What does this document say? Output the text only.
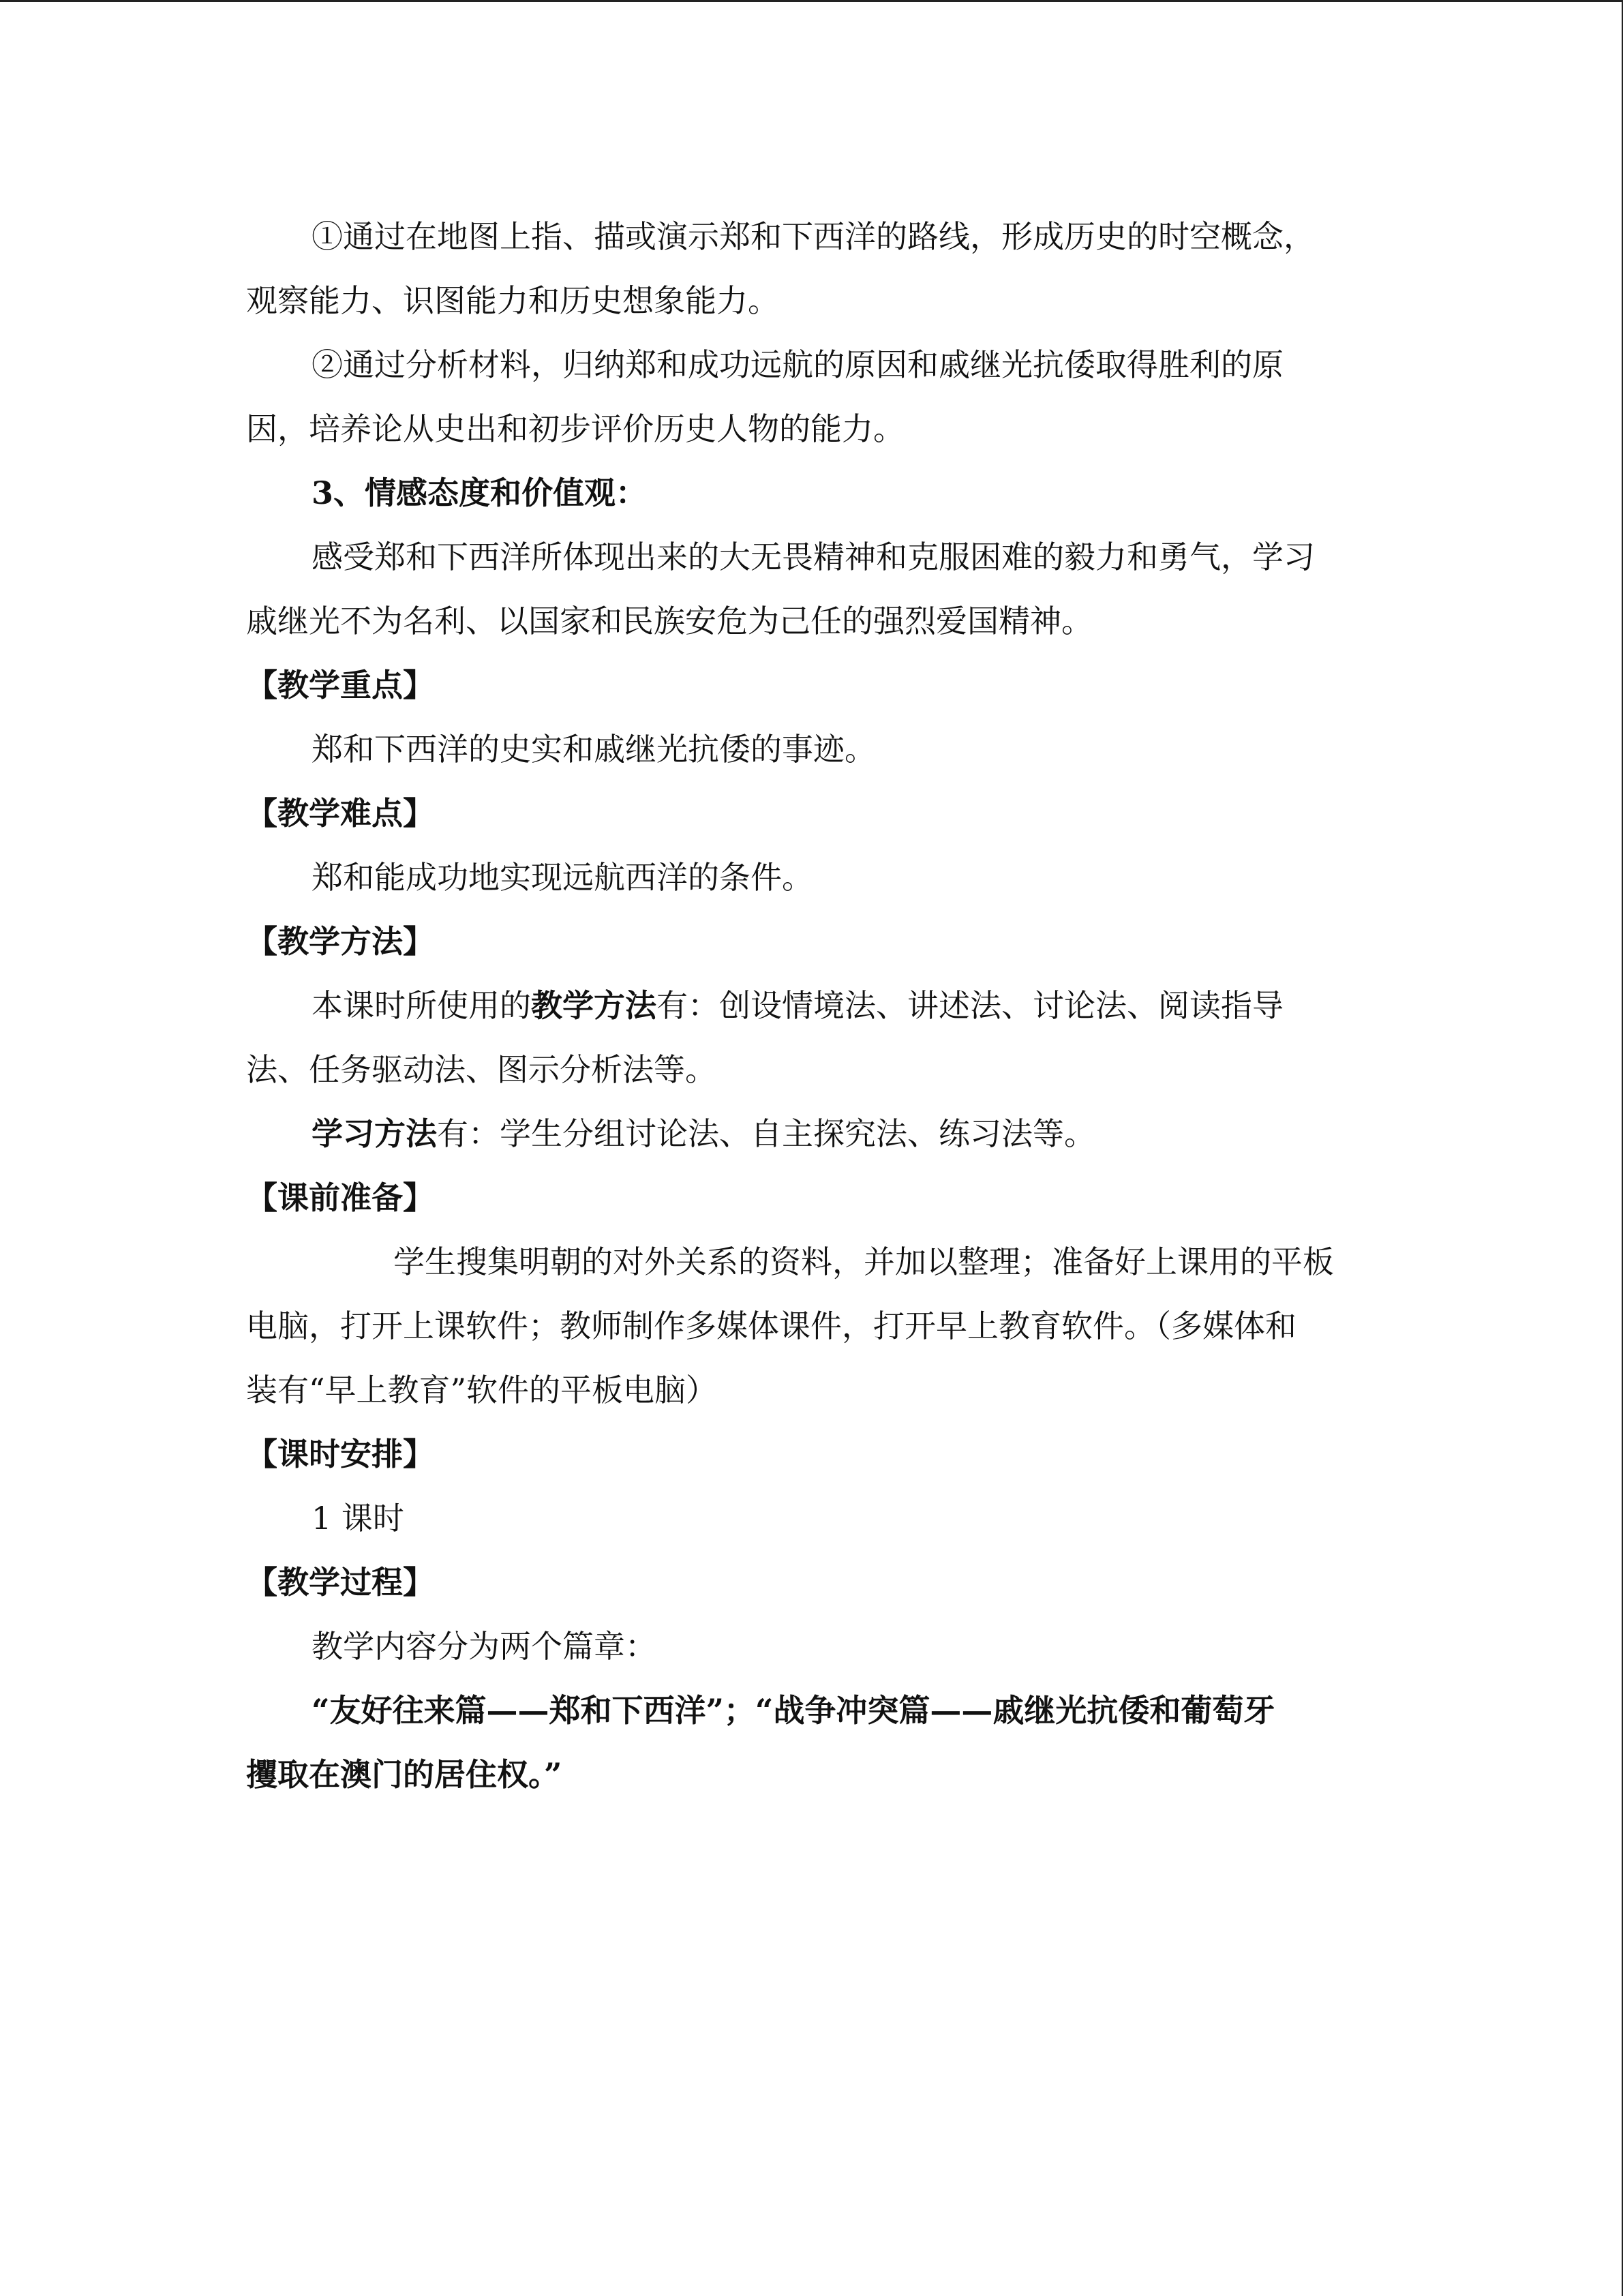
①通过在地图上指、描或演示郑和下西洋的路线，形成历史的时空概念，
观察能力、识图能力和历史想象能力。
②通过分析材料，归纳郑和成功远航的原因和戚继光抗倭取得胜利的原
因，培养论从史出和初步评价历史人物的能力。
3、情感态度和价值观：
感受郑和下西洋所体现出来的大无畏精神和克服困难的毅力和勇气，学习
戚继光不为名利、以国家和民族安危为己任的强烈爱国精神。
【教学重点】
郑和下西洋的史实和戚继光抗倭的事迹。
【教学难点】
郑和能成功地实现远航西洋的条件。
【教学方法】
本课时所使用的教学方法有：创设情境法、讲述法、讨论法、阅读指导
法、任务驱动法、图示分析法等。
学习方法有：学生分组讨论法、自主探究法、练习法等。
【课前准备】
学生搜集明朝的对外关系的资料，并加以整理；准备好上课用的平板
电脑，打开上课软件；教师制作多媒体课件，打开早上教育软件。（多媒体和
装有“早上教育”软件的平板电脑）
【课时安排】
1 课时
【教学过程】
教学内容分为两个篇章：
“友好往来篇——郑和下西洋”；“战争冲突篇——戚继光抗倭和葡萄牙
攫取在澳门的居住权。”
